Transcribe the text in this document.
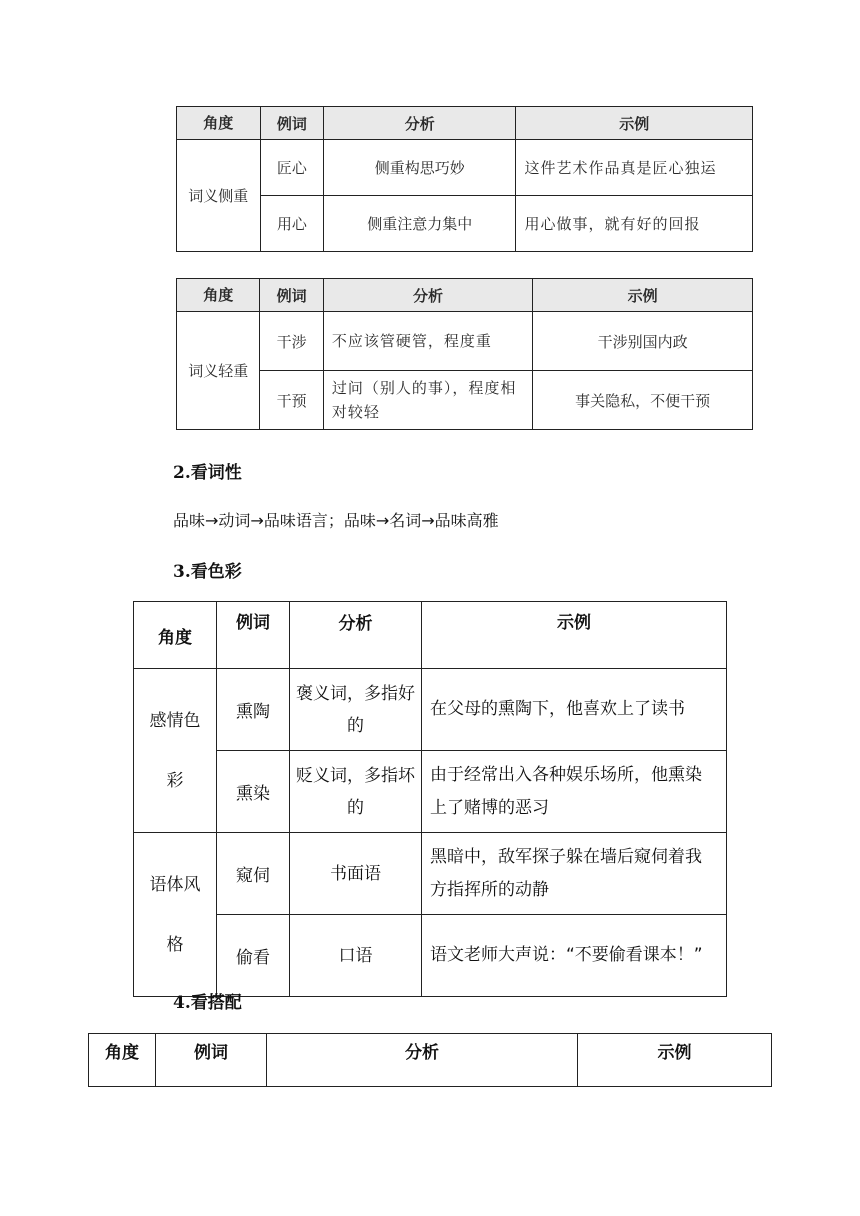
角度	例词	分析	示例
词义侧重	匠心	侧重构思巧妙	这件艺术作品真是匠心独运
	用心	侧重注意力集中	用心做事，就有好的回报
角度	例词	分析	示例
词义轻重	干涉	不应该管硬管，程度重	干涉别国内政
	干预	过问（别人的事），程度相对较轻	事关隐私，不便干预
2.看词性
品味→动词→品味语言；品味→名词→品味高雅
3.看色彩
角度	例词	分析	示例
感情色彩	熏陶	褒义词，多指好的	在父母的熏陶下，他喜欢上了读书
	熏染	贬义词，多指坏的	由于经常出入各种娱乐场所，他熏染上了赌博的恶习
语体风格	窥伺	书面语	黑暗中，敌军探子躲在墙后窥伺着我方指挥所的动静
	偷看	口语	语文老师大声说：“不要偷看课本！”
4.看搭配
角度	例词	分析	示例
